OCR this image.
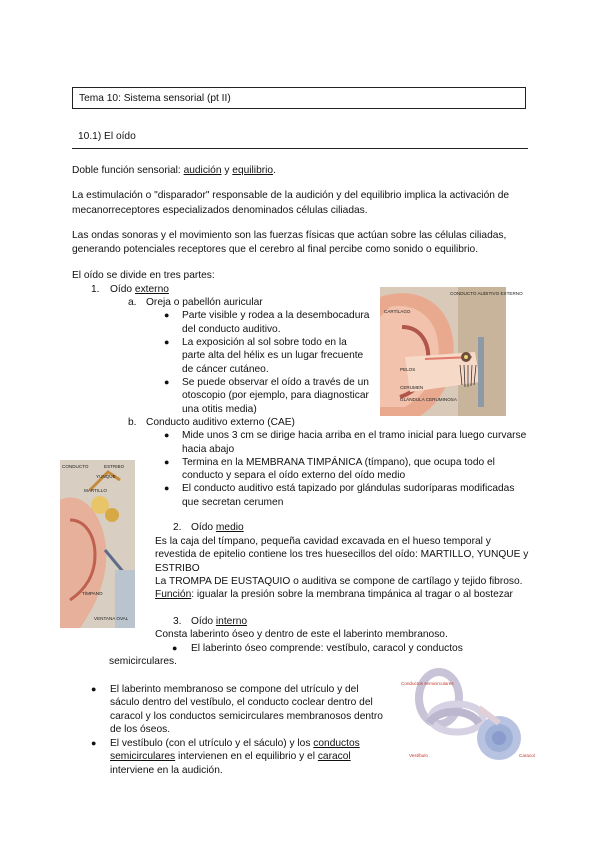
Tema 10: Sistema sensorial (pt II)
10.1) El oído
Doble función sensorial: audición y equilibrio.
La estimulación o "disparador" responsable de la audición y del equilibrio implica la activación de
mecanorreceptores especializados denominados células ciliadas.
Las ondas sonoras y el movimiento son las fuerzas físicas que actúan sobre las células ciliadas,
generando potenciales receptores que el cerebro al final percibe como sonido o equilibrio.
El oído se divide en tres partes:
1. Oído externo
a. Oreja o pabellón auricular
● Parte visible y rodea a la desembocadura
del conducto auditivo.
● La exposición al sol sobre todo en la
parte alta del hélix es un lugar frecuente
de cáncer cutáneo.
● Se puede observar el oído a través de un
otoscopio (por ejemplo, para diagnosticar
una otitis media)
b. Conducto auditivo externo (CAE)
● Mide unos 3 cm se dirige hacia arriba en el tramo inicial para luego curvarse
hacia abajo
● Termina en la MEMBRANA TIMPÁNICA (tímpano), que ocupa todo el
conducto y separa el oído externo del oído medio
● El conducto auditivo está tapizado por glándulas sudoríparas modificadas
que secretan cerumen
2. Oído medio
Es la caja del tímpano, pequeña cavidad excavada en el hueso temporal y
revestida de epitelio contiene los tres huesecillos del oído: MARTILLO, YUNQUE y
ESTRIBO
La TROMPA DE EUSTAQUIO o auditiva se compone de cartílago y tejido fibroso.
Función: igualar la presión sobre la membrana timpánica al tragar o al bostezar
3. Oído interno
Consta laberinto óseo y dentro de este el laberinto membranoso.
● El laberinto óseo comprende: vestíbulo, caracol y conductos
semicirculares.
● El laberinto membranoso se compone del utrículo y del
sáculo dentro del vestíbulo, el conducto coclear dentro del
caracol y los conductos semicirculares membranosos dentro
de los óseos.
● El vestíbulo (con el utrículo y el sáculo) y los conductos
semicirculares intervienen en el equilibrio y el caracol
interviene en la audición.
CARTÍLAGO
PELOS
CERUMEN
GLÁNDULA CERUMINOSA
CONDUCTO AUDITIVO EXTERNO
CONDUCTO	ESTRIBO
YUNQUE
MARTILLO
TÍMPANO
VENTANA OVAL
Conductos semicirculares
Vestíbulo	Caracol
